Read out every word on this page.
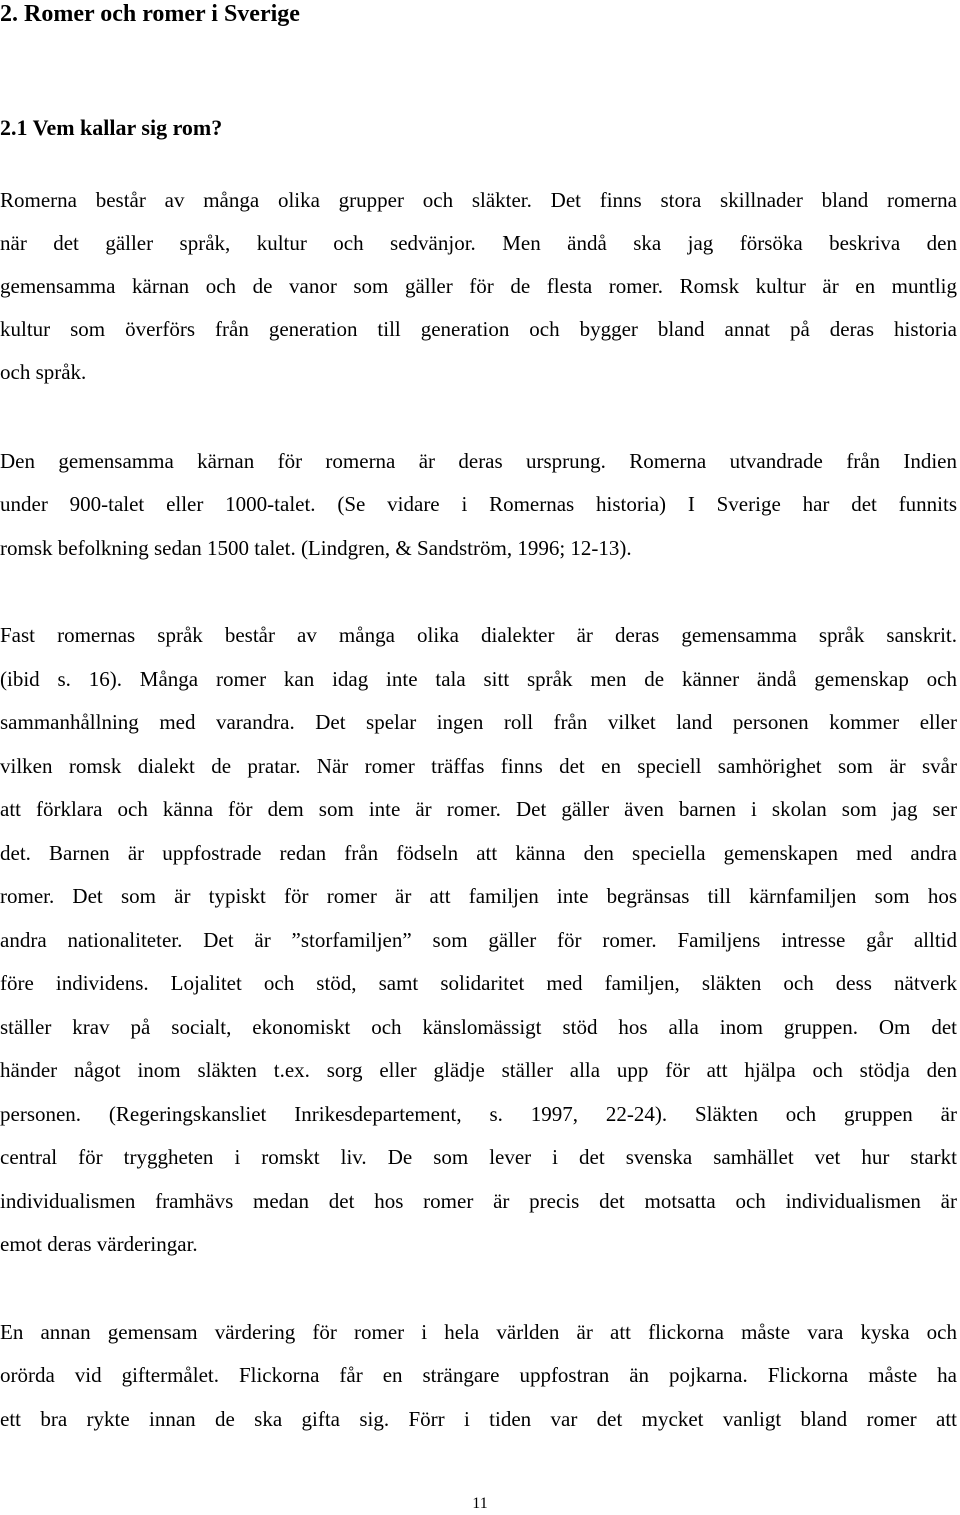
2. Romer och romer i Sverige
2.1 Vem kallar sig rom?
Romerna består av många olika grupper och släkter. Det finns stora skillnader bland romerna
när det gäller språk, kultur och sedvänjor. Men ändå ska jag försöka beskriva den
gemensamma kärnan och de vanor som gäller för de flesta romer. Romsk kultur är en muntlig
kultur som överförs från generation till generation och bygger bland annat på deras historia
och språk.
Den gemensamma kärnan för romerna är deras ursprung. Romerna utvandrade från Indien
under 900-talet eller 1000-talet. (Se vidare i Romernas historia) I Sverige har det funnits
romsk befolkning sedan 1500 talet. (Lindgren, & Sandström, 1996; 12-13).
Fast romernas språk består av många olika dialekter är deras gemensamma språk sanskrit.
(ibid s. 16). Många romer kan idag inte tala sitt språk men de känner ändå gemenskap och
sammanhållning med varandra. Det spelar ingen roll från vilket land personen kommer eller
vilken romsk dialekt de pratar. När romer träffas finns det en speciell samhörighet som är svår
att förklara och känna för dem som inte är romer. Det gäller även barnen i skolan som jag ser
det. Barnen är uppfostrade redan från födseln att känna den speciella gemenskapen med andra
romer. Det som är typiskt för romer är att familjen inte begränsas till kärnfamiljen som hos
andra nationaliteter. Det är ”storfamiljen” som gäller för romer. Familjens intresse går alltid
före individens. Lojalitet och stöd, samt solidaritet med familjen, släkten och dess nätverk
ställer krav på socialt, ekonomiskt och känslomässigt stöd hos alla inom gruppen. Om det
händer något inom släkten t.ex. sorg eller glädje ställer alla upp för att hjälpa och stödja den
personen. (Regeringskansliet Inrikesdepartement, s. 1997, 22-24). Släkten och gruppen är
central för tryggheten i romskt liv. De som lever i det svenska samhället vet hur starkt
individualismen framhävs medan det hos romer är precis det motsatta och individualismen är
emot deras värderingar.
En annan gemensam värdering för romer i hela världen är att flickorna måste vara kyska och
orörda vid giftermålet. Flickorna får en strängare uppfostran än pojkarna. Flickorna måste ha
ett bra rykte innan de ska gifta sig. Förr i tiden var det mycket vanligt bland romer att
11
